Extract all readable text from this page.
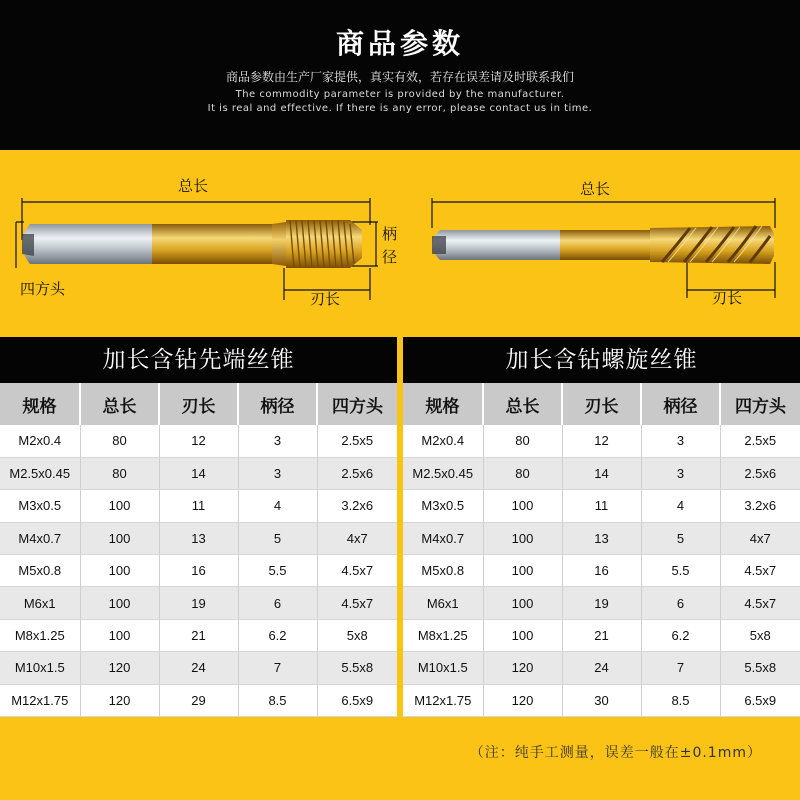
商品参数
商品参数由生产厂家提供，真实有效，若存在误差请及时联系我们
The commodity parameter is provided by the manufacturer.
It is real and effective. If there is any error, please contact us in time.
总长
柄
径
四方头
刃长
总长
刃长
加长含钻先端丝锥
规格	总长	刃长	柄径	四方头
M2x0.4	80	12	3	2.5x5
M2.5x0.45	80	14	3	2.5x6
M3x0.5	100	11	4	3.2x6
M4x0.7	100	13	5	4x7
M5x0.8	100	16	5.5	4.5x7
M6x1	100	19	6	4.5x7
M8x1.25	100	21	6.2	5x8
M10x1.5	120	24	7	5.5x8
M12x1.75	120	29	8.5	6.5x9
加长含钻螺旋丝锥
规格	总长	刃长	柄径	四方头
M2x0.4	80	12	3	2.5x5
M2.5x0.45	80	14	3	2.5x6
M3x0.5	100	11	4	3.2x6
M4x0.7	100	13	5	4x7
M5x0.8	100	16	5.5	4.5x7
M6x1	100	19	6	4.5x7
M8x1.25	100	21	6.2	5x8
M10x1.5	120	24	7	5.5x8
M12x1.75	120	30	8.5	6.5x9
（注：纯手工测量，误差一般在±0.1mm）
